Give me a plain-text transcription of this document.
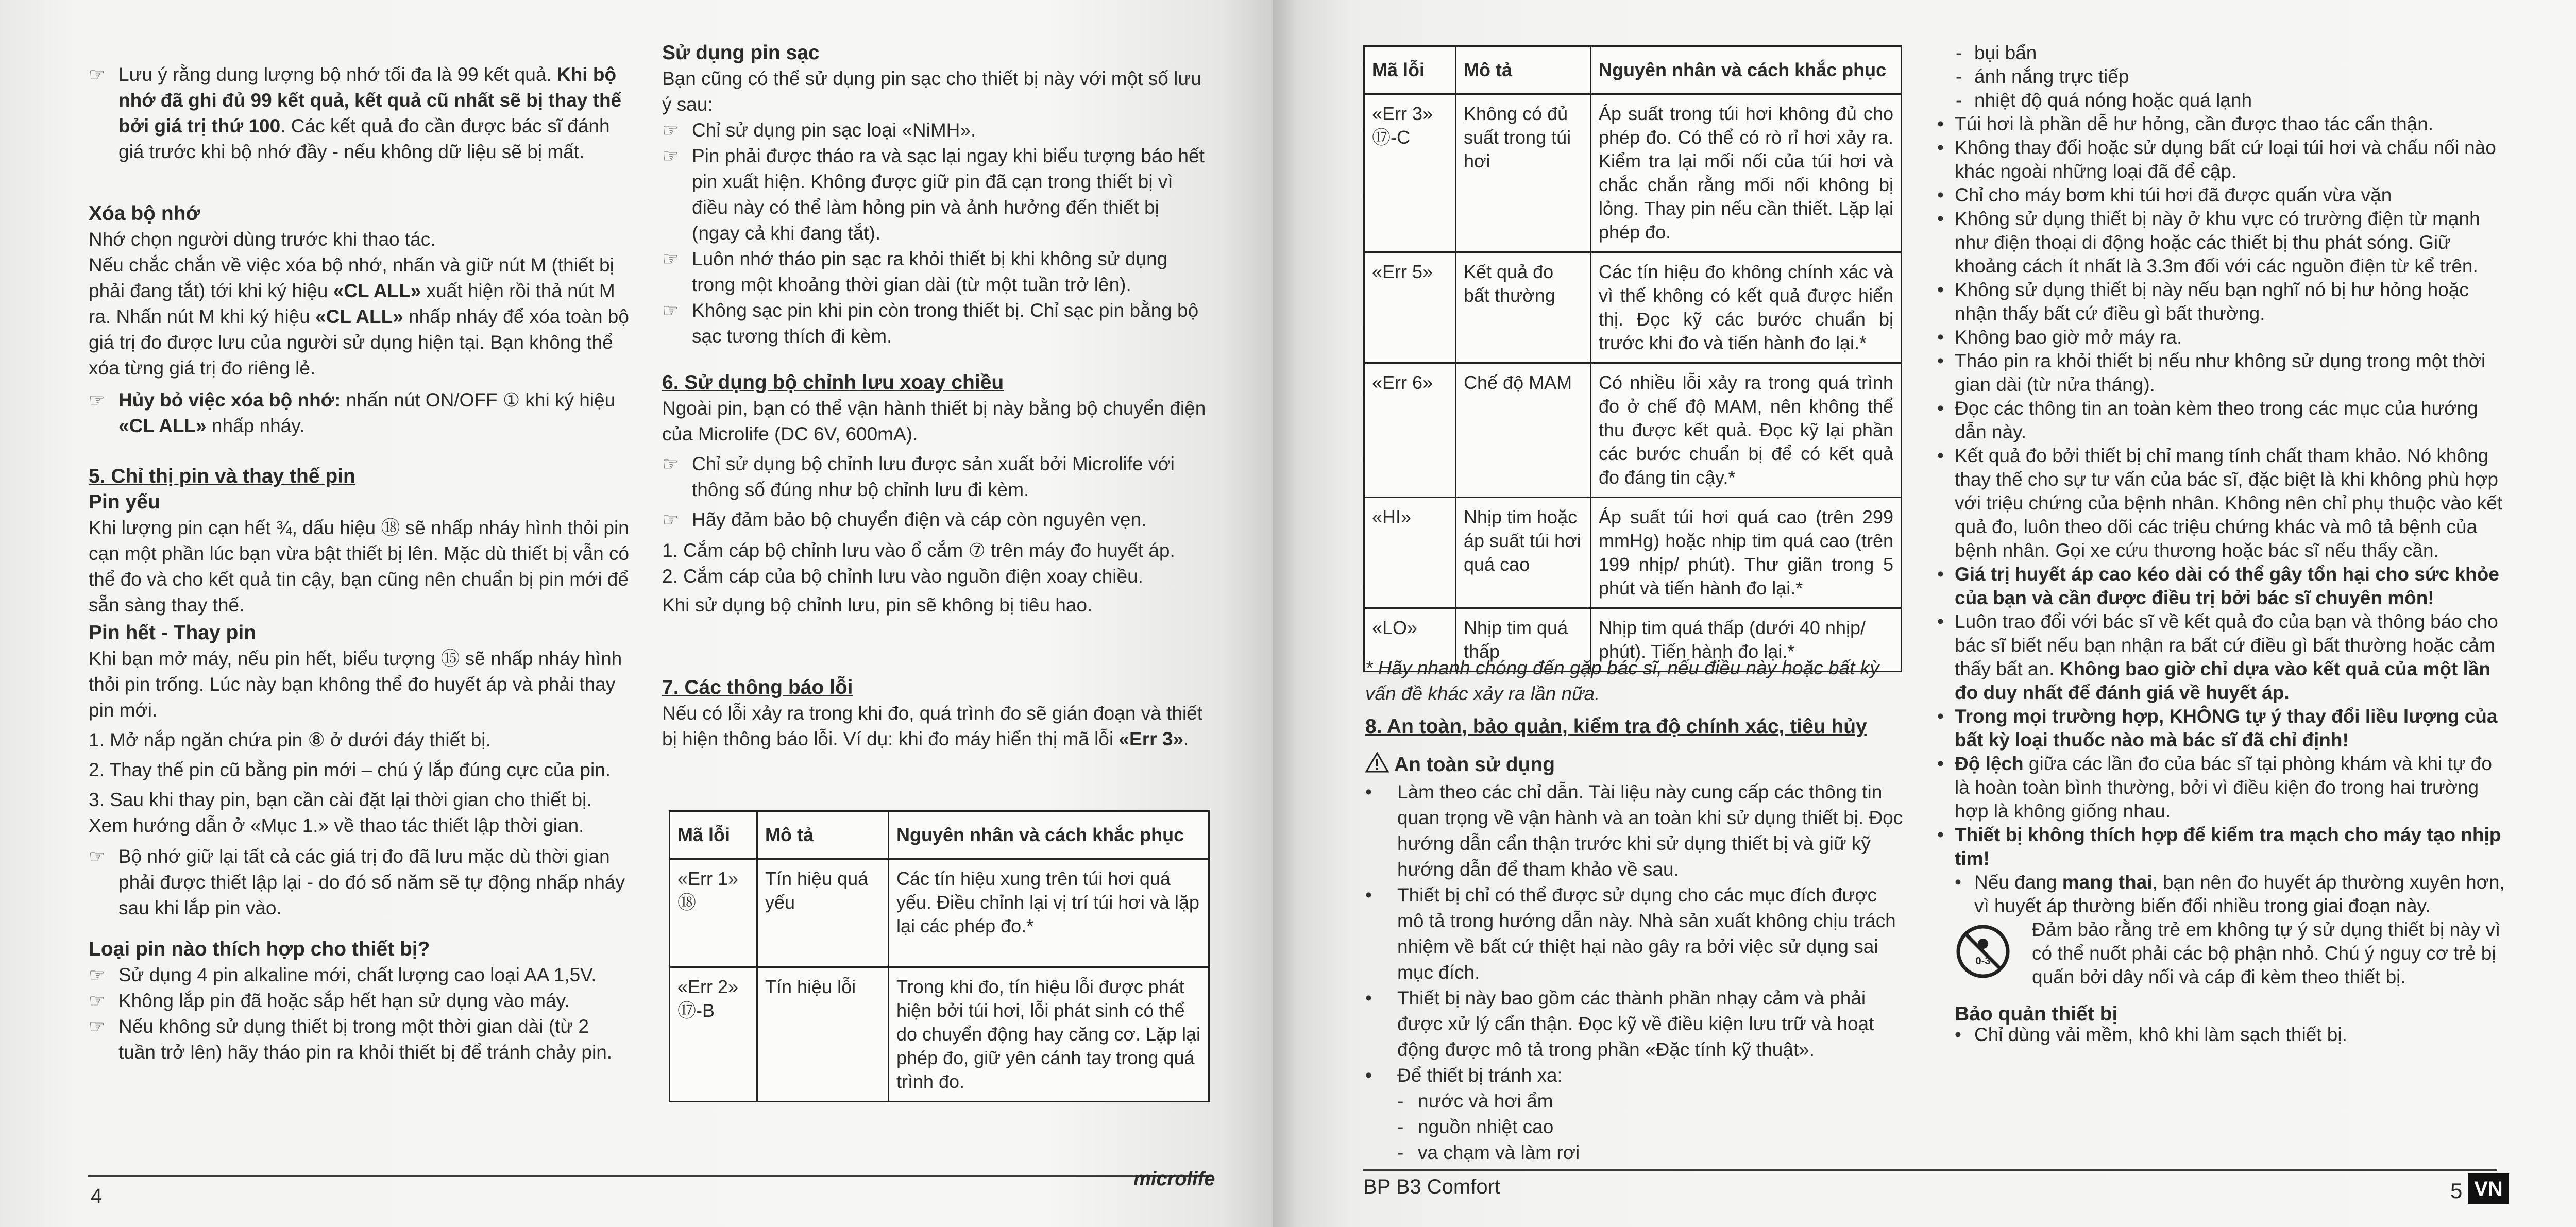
☞ Lưu ý rằng dung lượng bộ nhớ tối đa là 99 kết quả. Khi bộ nhớ đã ghi đủ 99 kết quả, kết quả cũ nhất sẽ bị thay thế bởi giá trị thứ 100. Các kết quả đo cần được bác sĩ đánh giá trước khi bộ nhớ đầy - nếu không dữ liệu sẽ bị mất.

Xóa bộ nhớ

Nhớ chọn người dùng trước khi thao tác.

Nếu chắc chắn về việc xóa bộ nhớ, nhấn và giữ nút M (thiết bị phải đang tắt) tới khi ký hiệu «CL ALL» xuất hiện rồi thả nút M ra. Nhấn nút M khi ký hiệu «CL ALL» nhấp nháy để xóa toàn bộ giá trị đo được lưu của người sử dụng hiện tại. Bạn không thể xóa từng giá trị đo riêng lẻ.

☞ Hủy bỏ việc xóa bộ nhớ: nhấn nút ON/OFF ① khi ký hiệu «CL ALL» nhấp nháy.

5. Chỉ thị pin và thay thế pin

Pin yếu

Khi lượng pin cạn hết ¾, dấu hiệu ⑱ sẽ nhấp nháy hình thỏi pin cạn một phần lúc bạn vừa bật thiết bị lên. Mặc dù thiết bị vẫn có thể đo và cho kết quả tin cậy, bạn cũng nên chuẩn bị pin mới để sẵn sàng thay thế.

Pin hết - Thay pin

Khi bạn mở máy, nếu pin hết, biểu tượng ⑮ sẽ nhấp nháy hình thỏi pin trống. Lúc này bạn không thể đo huyết áp và phải thay pin mới.

1. Mở nắp ngăn chứa pin ⑧ ở dưới đáy thiết bị.

2. Thay thế pin cũ bằng pin mới – chú ý lắp đúng cực của pin.

3. Sau khi thay pin, bạn cần cài đặt lại thời gian cho thiết bị. Xem hướng dẫn ở «Mục 1.» về thao tác thiết lập thời gian.

☞ Bộ nhớ giữ lại tất cả các giá trị đo đã lưu mặc dù thời gian phải được thiết lập lại - do đó số năm sẽ tự động nhấp nháy sau khi lắp pin vào.

Loại pin nào thích hợp cho thiết bị?

☞ Sử dụng 4 pin alkaline mới, chất lượng cao loại AA 1,5V.
☞ Không lắp pin đã hoặc sắp hết hạn sử dụng vào máy.
☞ Nếu không sử dụng thiết bị trong một thời gian dài (từ 2 tuần trở lên) hãy tháo pin ra khỏi thiết bị để tránh chảy pin.

Sử dụng pin sạc

Bạn cũng có thể sử dụng pin sạc cho thiết bị này với một số lưu ý sau:

☞ Chỉ sử dụng pin sạc loại «NiMH».
☞ Pin phải được tháo ra và sạc lại ngay khi biểu tượng báo hết pin xuất hiện. Không được giữ pin đã cạn trong thiết bị vì điều này có thể làm hỏng pin và ảnh hưởng đến thiết bị (ngay cả khi đang tắt).
☞ Luôn nhớ tháo pin sạc ra khỏi thiết bị khi không sử dụng trong một khoảng thời gian dài (từ một tuần trở lên).
☞ Không sạc pin khi pin còn trong thiết bị. Chỉ sạc pin bằng bộ sạc tương thích đi kèm.

6. Sử dụng bộ chỉnh lưu xoay chiều

Ngoài pin, bạn có thể vận hành thiết bị này bằng bộ chuyển điện của Microlife (DC 6V, 600mA).

☞ Chỉ sử dụng bộ chỉnh lưu được sản xuất bởi Microlife với thông số đúng như bộ chỉnh lưu đi kèm.
☞ Hãy đảm bảo bộ chuyển điện và cáp còn nguyên vẹn.

1. Cắm cáp bộ chỉnh lưu vào ổ cắm ⑦ trên máy đo huyết áp.

2. Cắm cáp của bộ chỉnh lưu vào nguồn điện xoay chiều.

Khi sử dụng bộ chỉnh lưu, pin sẽ không bị tiêu hao.

7. Các thông báo lỗi

Nếu có lỗi xảy ra trong khi đo, quá trình đo sẽ gián đoạn và thiết bị hiện thông báo lỗi. Ví dụ: khi đo máy hiển thị mã lỗi «Err 3».

Mã lỗi	Mô tả	Nguyên nhân và cách khắc phục
«Err 1»
⑱	Tín hiệu quá yếu	Các tín hiệu xung trên túi hơi quá yếu. Điều chỉnh lại vị trí túi hơi và lặp lại các phép đo.*
«Err 2»
⑰-B	Tín hiệu lỗi	Trong khi đo, tín hiệu lỗi được phát hiện bởi túi hơi, lỗi phát sinh có thể do chuyển động hay căng cơ. Lặp lại phép đo, giữ yên cánh tay trong quá trình đo.
4
microlife
Mã lỗi	Mô tả	Nguyên nhân và cách khắc phục
«Err 3»
⑰-C	Không có đủ suất trong túi hơi	Áp suất trong túi hơi không đủ cho phép đo. Có thể có rò rỉ hơi xảy ra. Kiểm tra lại mối nối của túi hơi và chắc chắn rằng mối nối không bị lỏng. Thay pin nếu cần thiết. Lặp lại phép đo.
«Err 5»	Kết quả đo bất thường	Các tín hiệu đo không chính xác và vì thế không có kết quả được hiển thị. Đọc kỹ các bước chuẩn bị trước khi đo và tiến hành đo lại.*
«Err 6»	Chế độ MAM	Có nhiều lỗi xảy ra trong quá trình đo ở chế độ MAM, nên không thể thu được kết quả. Đọc kỹ lại phần các bước chuẩn bị để có kết quả đo đáng tin cậy.*
«HI»	Nhịp tim hoặc áp suất túi hơi quá cao	Áp suất túi hơi quá cao (trên 299 mmHg) hoặc nhịp tim quá cao (trên 199 nhịp/ phút). Thư giãn trong 5 phút và tiến hành đo lại.*
«LO»	Nhịp tim quá thấp	Nhịp tim quá thấp (dưới 40 nhịp/ phút). Tiến hành đo lại.*

* Hãy nhanh chóng đến gặp bác sĩ, nếu điều này hoặc bất kỳ vấn đề khác xảy ra lần nữa.

8. An toàn, bảo quản, kiểm tra độ chính xác, tiêu hủy

An toàn sử dụng

• Làm theo các chỉ dẫn. Tài liệu này cung cấp các thông tin quan trọng về vận hành và an toàn khi sử dụng thiết bị. Đọc hướng dẫn cẩn thận trước khi sử dụng thiết bị và giữ kỹ hướng dẫn để tham khảo về sau.
• Thiết bị chỉ có thể được sử dụng cho các mục đích được mô tả trong hướng dẫn này. Nhà sản xuất không chịu trách nhiệm về bất cứ thiệt hại nào gây ra bởi việc sử dụng sai mục đích.
• Thiết bị này bao gồm các thành phần nhạy cảm và phải được xử lý cẩn thận. Đọc kỹ về điều kiện lưu trữ và hoạt động được mô tả trong phần «Đặc tính kỹ thuật».
• Để thiết bị tránh xa:
- nước và hơi ẩm
- nguồn nhiệt cao
- va chạm và làm rơi
- bụi bẩn
- ánh nắng trực tiếp
- nhiệt độ quá nóng hoặc quá lạnh
• Túi hơi là phần dễ hư hỏng, cần được thao tác cẩn thận.
• Không thay đổi hoặc sử dụng bất cứ loại túi hơi và chấu nối nào khác ngoài những loại đã để cập.
• Chỉ cho máy bơm khi túi hơi đã được quấn vừa vặn
• Không sử dụng thiết bị này ở khu vực có trường điện từ mạnh như điện thoại di động hoặc các thiết bị thu phát sóng. Giữ khoảng cách ít nhất là 3.3m đối với các nguồn điện từ kể trên.
• Không sử dụng thiết bị này nếu bạn nghĩ nó bị hư hỏng hoặc nhận thấy bất cứ điều gì bất thường.
• Không bao giờ mở máy ra.
• Tháo pin ra khỏi thiết bị nếu như không sử dụng trong một thời gian dài (từ nửa tháng).
• Đọc các thông tin an toàn kèm theo trong các mục của hướng dẫn này.
• Kết quả đo bởi thiết bị chỉ mang tính chất tham khảo. Nó không thay thế cho sự tư vấn của bác sĩ, đặc biệt là khi không phù hợp với triệu chứng của bệnh nhân. Không nên chỉ phụ thuộc vào kết quả đo, luôn theo dõi các triệu chứng khác và mô tả bệnh của bệnh nhân. Gọi xe cứu thương hoặc bác sĩ nếu thấy cần.
• Giá trị huyết áp cao kéo dài có thể gây tổn hại cho sức khỏe của bạn và cần được điều trị bởi bác sĩ chuyên môn!
• Luôn trao đổi với bác sĩ về kết quả đo của bạn và thông báo cho bác sĩ biết nếu bạn nhận ra bất cứ điều gì bất thường hoặc cảm thấy bất an. Không bao giờ chỉ dựa vào kết quả của một lần đo duy nhất để đánh giá về huyết áp.
• Trong mọi trường hợp, KHÔNG tự ý thay đổi liều lượng của bất kỳ loại thuốc nào mà bác sĩ đã chỉ định!
• Độ lệch giữa các lần đo của bác sĩ tại phòng khám và khi tự đo là hoàn toàn bình thường, bởi vì điều kiện đo trong hai trường hợp là không giống nhau.
• Thiết bị không thích hợp để kiểm tra mạch cho máy tạo nhịp tim!
• Nếu đang mang thai, bạn nên đo huyết áp thường xuyên hơn, vì huyết áp thường biến đổi nhiều trong giai đoạn này.
0-3
Đảm bảo rằng trẻ em không tự ý sử dụng thiết bị này vì có thể nuốt phải các bộ phận nhỏ. Chú ý nguy cơ trẻ bị quấn bởi dây nối và cáp đi kèm theo thiết bị.

Bảo quản thiết bị

• Chỉ dùng vải mềm, khô khi làm sạch thiết bị.
BP B3 Comfort	5 VN
